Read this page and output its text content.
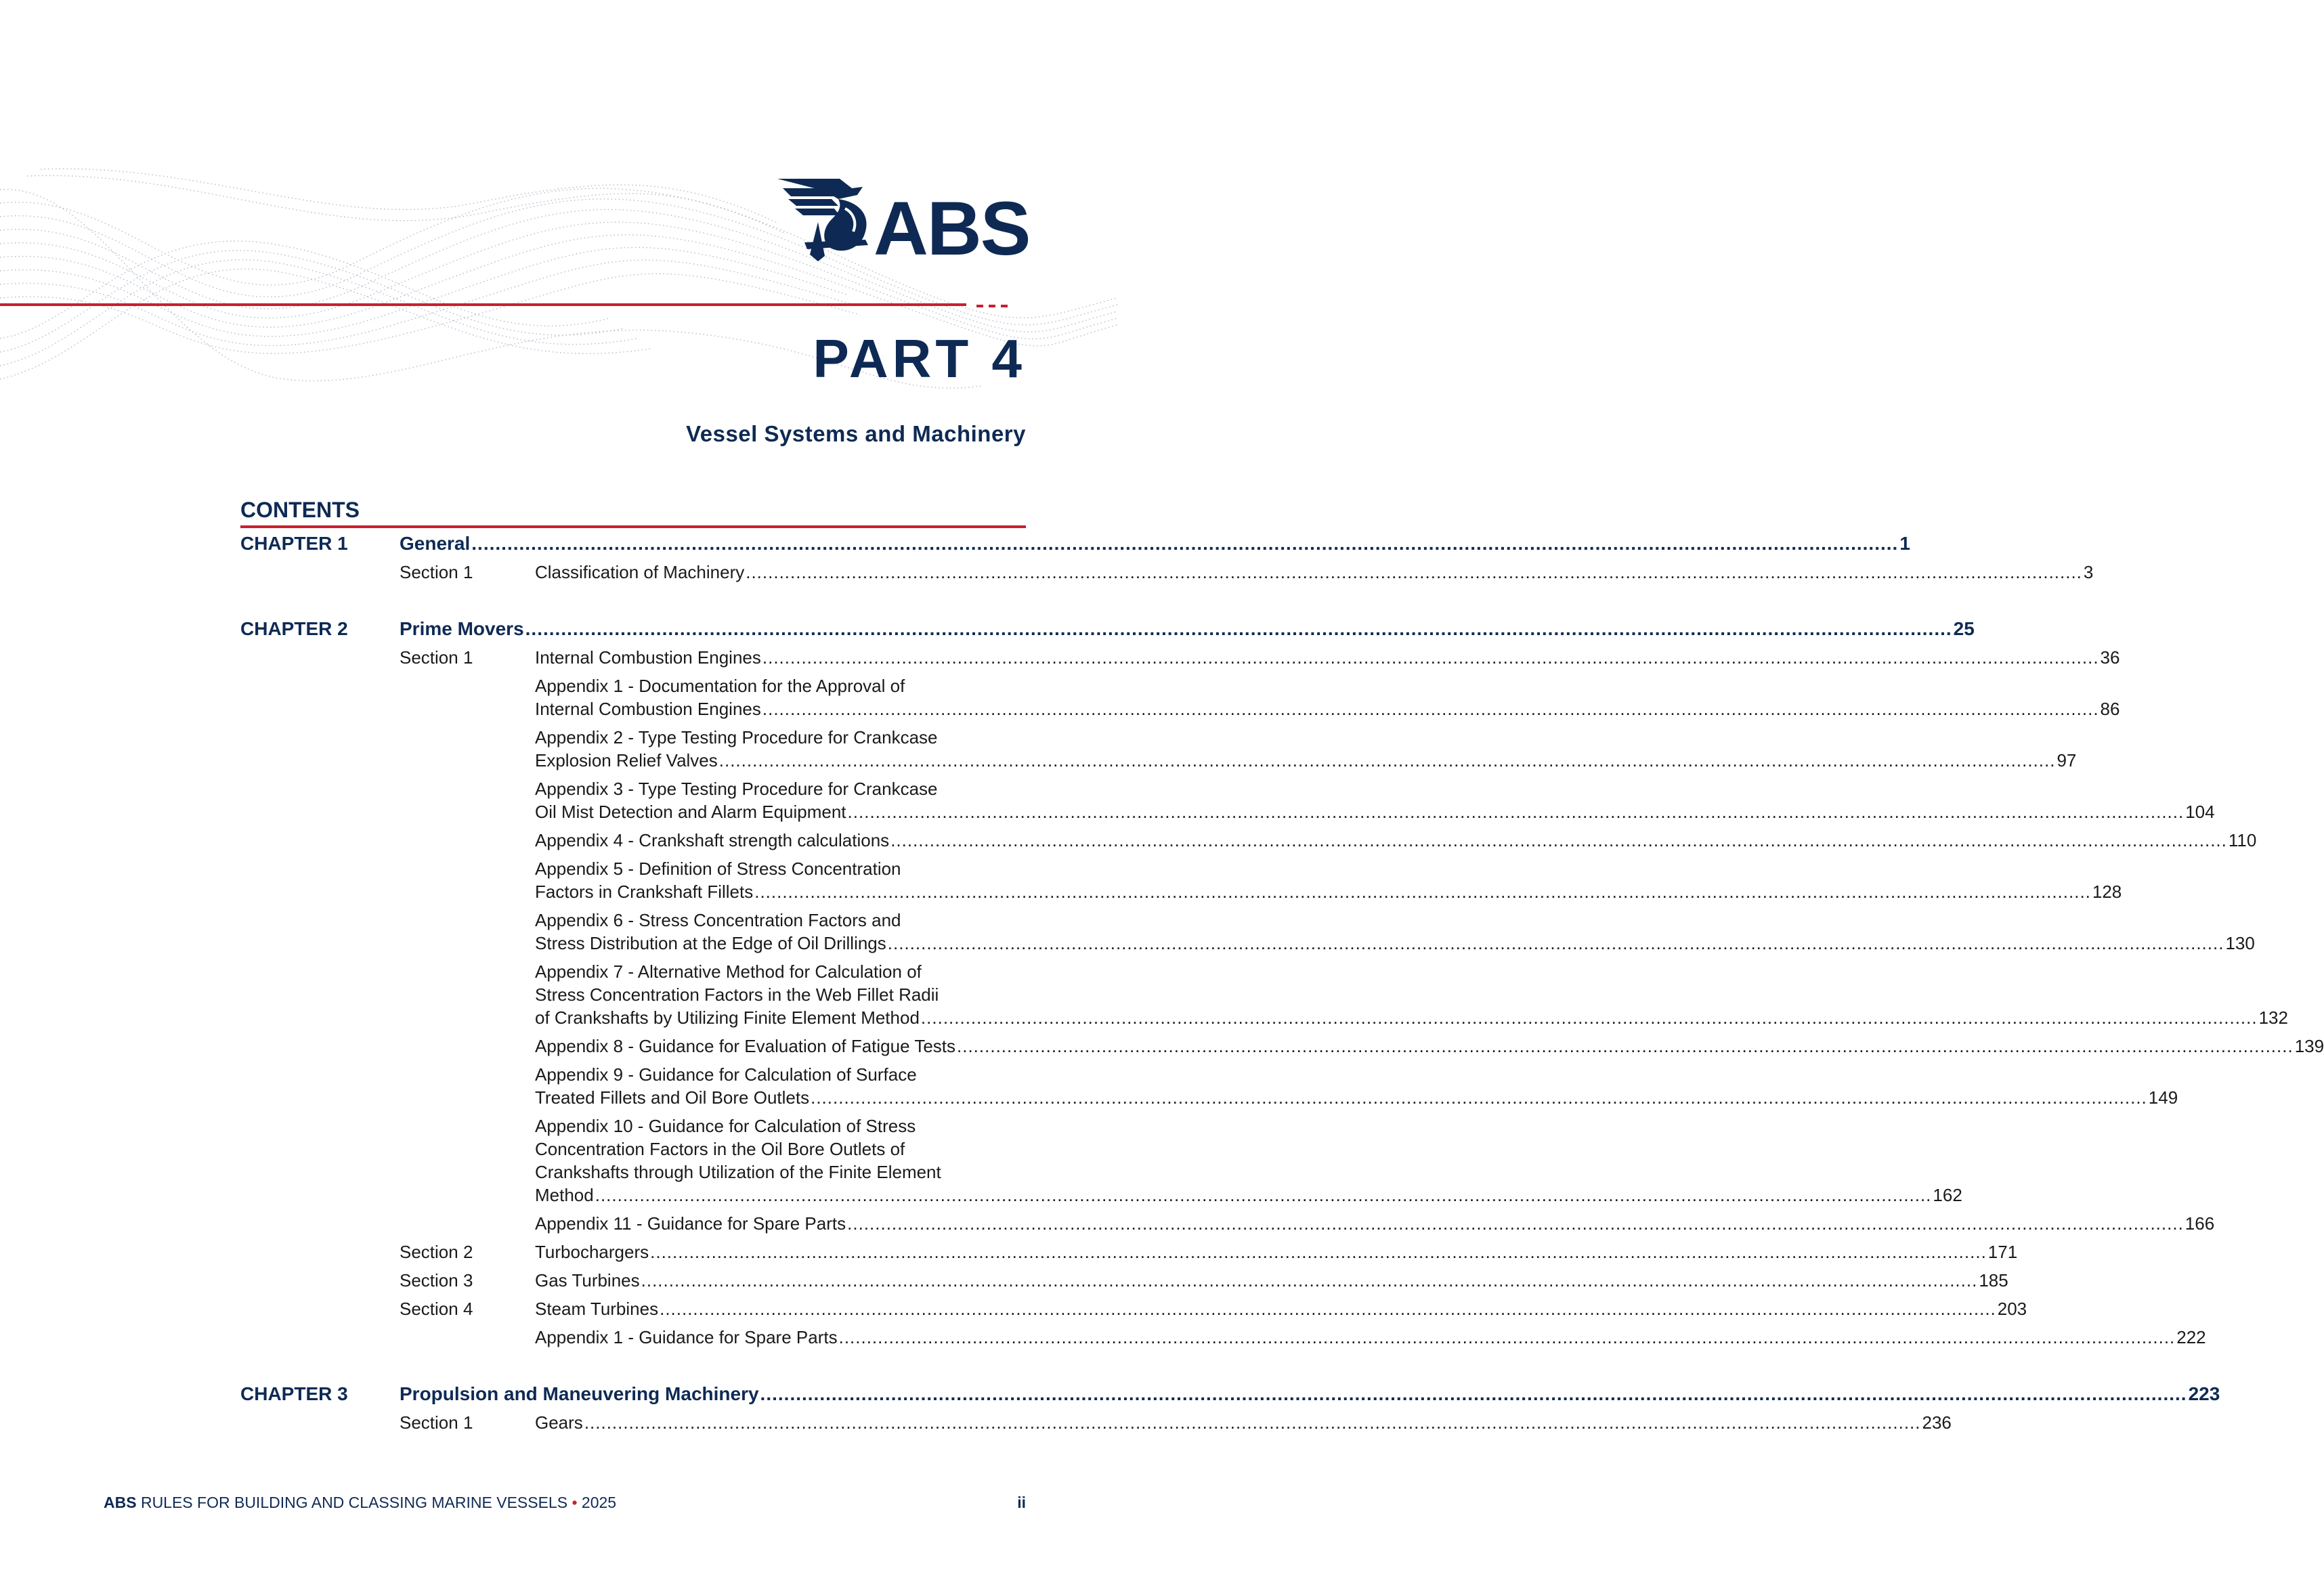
ABS
PART 4
Vessel Systems and Machinery
CONTENTS
CHAPTER 1	General .....	1
Section 1	Classification of Machinery .....	3
CHAPTER 2	Prime Movers .....	25
Section 1	Internal Combustion Engines .....	36
Appendix 1 - Documentation for the Approval of
Internal Combustion Engines .....	86
Appendix 2 - Type Testing Procedure for Crankcase
Explosion Relief Valves .....	97
Appendix 3 - Type Testing Procedure for Crankcase
Oil Mist Detection and Alarm Equipment .....	104
Appendix 4 - Crankshaft strength calculations .....	110
Appendix 5 - Definition of Stress Concentration
Factors in Crankshaft Fillets .....	128
Appendix 6 - Stress Concentration Factors and
Stress Distribution at the Edge of Oil Drillings .....	130
Appendix 7 - Alternative Method for Calculation of
Stress Concentration Factors in the Web Fillet Radii
of Crankshafts by Utilizing Finite Element Method .....	132
Appendix 8 - Guidance for Evaluation of Fatigue Tests .....	139
Appendix 9 - Guidance for Calculation of Surface
Treated Fillets and Oil Bore Outlets .....	149
Appendix 10 - Guidance for Calculation of Stress
Concentration Factors in the Oil Bore Outlets of
Crankshafts through Utilization of the Finite Element
Method .....	162
Appendix 11 - Guidance for Spare Parts .....	166
Section 2	Turbochargers .....	171
Section 3	Gas Turbines .....	185
Section 4	Steam Turbines .....	203
Appendix 1 - Guidance for Spare Parts .....	222
CHAPTER 3	Propulsion and Maneuvering Machinery .....	223
Section 1	Gears .....	236
ABS RULES FOR BUILDING AND CLASSING MARINE VESSELS • 2025	ii
